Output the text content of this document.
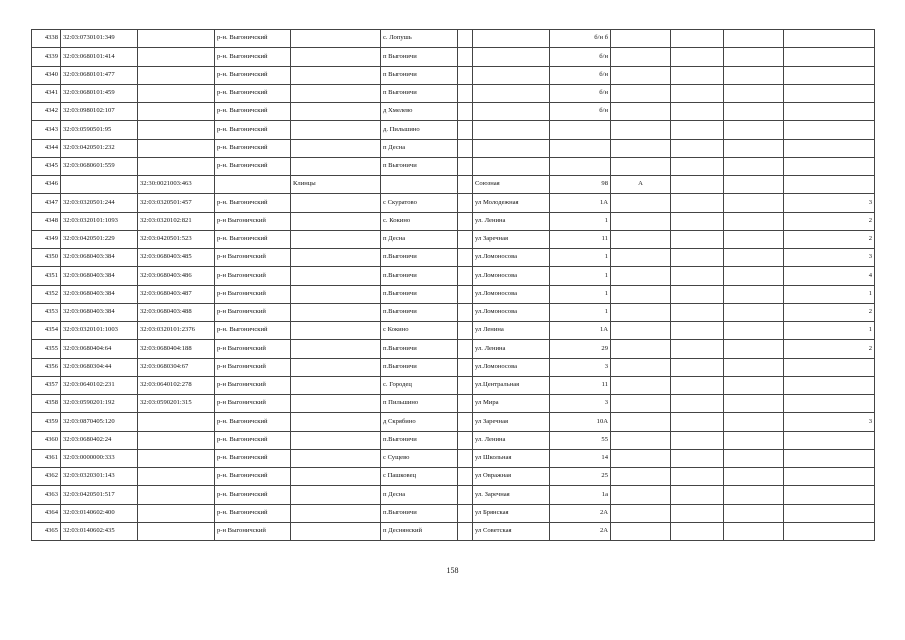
4338	32:03:0730101:349		р-н. Выгоничский		с. Лопушь			б/н б				
4339	32:03:0680101:414		р-н. Выгоничский		п Выгоничи			б/н				
4340	32:03:0680101:477		р-н. Выгоничский		п Выгоничи			б/н				
4341	32:03:0680101:459		р-н. Выгоничский		п Выгоничи			б/н				
4342	32:03:0980102:107		р-н. Выгоничский		д Хмелево			б/н				
4343	32:03:0590501:95		р-н. Выгоничский		д. Пильшино							
4344	32:03:0420501:232		р-н. Выгоничский		п Десна							
4345	32:03:0680601:559		р-н. Выгоничский		п Выгоничи							
4346		32:30:0021003:463		Клинцы			Союзная	98	А			
4347	32:03:0320501:244	32:03:0320501:457	р-н. Выгоничский		с Скуратово		ул Молодежная	1А				3
4348	32:03:0320101:1093	32:03:0320102:821	р-н Выгоничский		с. Кокино		ул. Ленина	1				2
4349	32:03:0420501:229	32:03:0420501:523	р-н. Выгоничский		п Десна		ул Заречная	11				2
4350	32:03:0680403:384	32:03:0680403:485	р-н Выгоничский		п.Выгоничи		ул.Ломоносова	1				3
4351	32:03:0680403:384	32:03:0680403:486	р-н Выгоничский		п.Выгоничи		ул.Ломоносова	1				4
4352	32:03:0680403:384	32:03:0680403:487	р-н Выгоничский		п.Выгоничи		ул.Ломоносова	1				1
4353	32:03:0680403:384	32:03:0680403:488	р-н Выгоничский		п.Выгоничи		ул.Ломоносова	1				2
4354	32:03:0320101:1003	32:03:0320101:2376	р-н. Выгоничский		с Кокино		ул Ленина	1А				1
4355	32:03:0680404:64	32:03:0680404:188	р-н Выгоничский		п.Выгоничи		ул. Ленина	29				2
4356	32:03:0680304:44	32:03:0680304:67	р-н Выгоничский		п.Выгоничи		ул.Ломоносова	3				
4357	32:03:0640102:231	32:03:0640102:278	р-н Выгоничский		с. Городец		ул.Центральная	11				
4358	32:03:0590201:192	32:03:0590201:315	р-н Выгоничский		п Пильшино		ул Мира	3				
4359	32:03:0870405:120		р-н. Выгоничский		д Скрябино		ул Заречная	10А				3
4360	32:03:0680402:24		р-н. Выгоничский		п.Выгоничи		ул. Ленина	55				
4361	32:03:0000000:333		р-н. Выгоничский		с Сущево		ул Школьная	14				
4362	32:03:0320301:143		р-н. Выгоничский		с Пашковец		ул Овражная	25				
4363	32:03:0420501:517		р-н. Выгоничский		п Десна		ул. Заречная	1а				
4364	32:03:0140602:400		р-н. Выгоничский		п.Выгоничи		ул Брянская	2А				
4365	32:03:0140602:435		р-н Выгоничский		п Деснянский		ул Советская	2А				
158
